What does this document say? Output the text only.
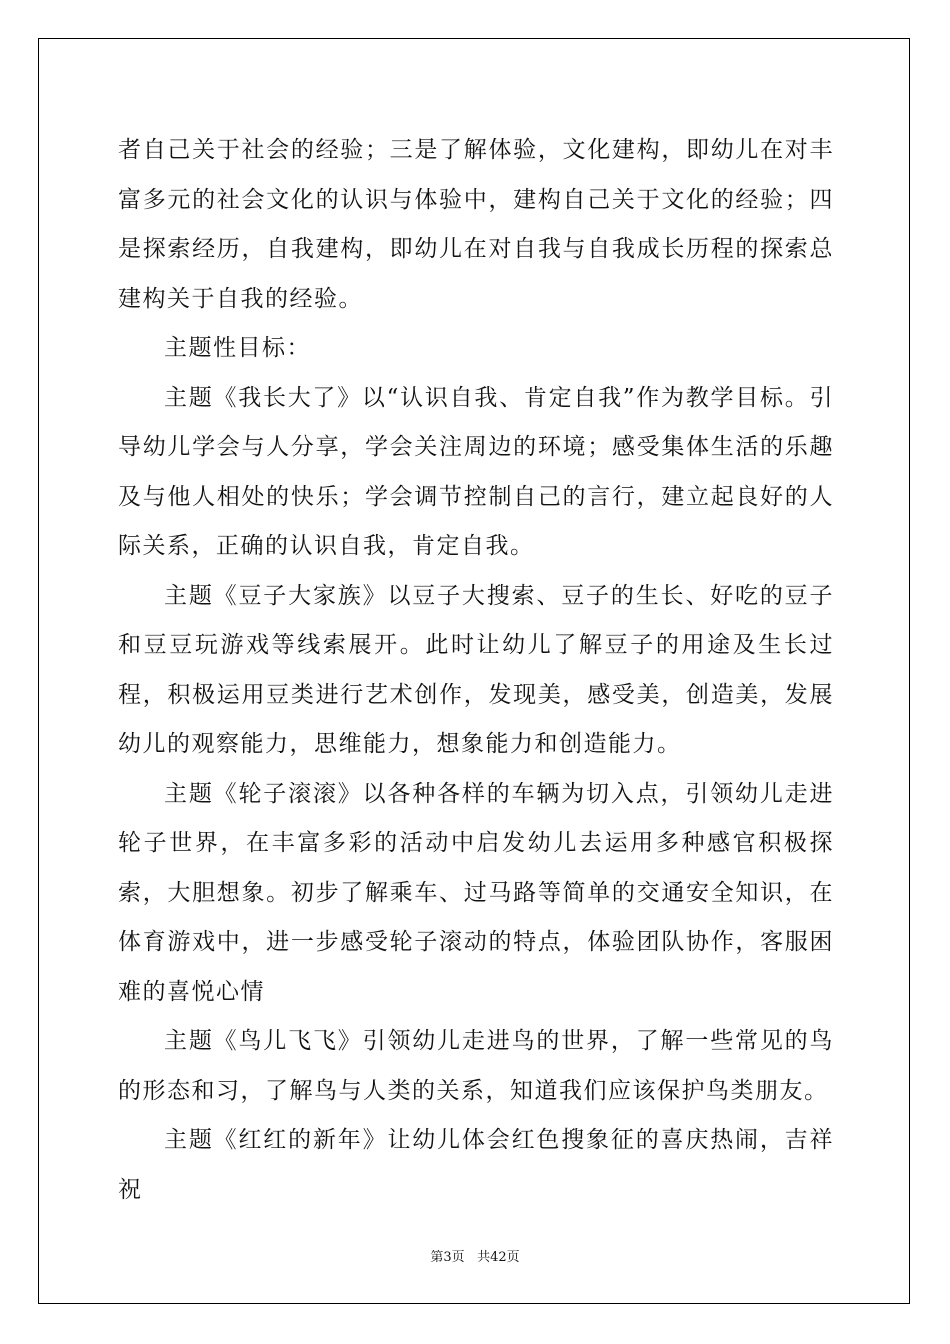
者自己关于社会的经验；三是了解体验，文化建构，即幼儿在对丰富多元的社会文化的认识与体验中，建构自己关于文化的经验；四是探索经历，自我建构，即幼儿在对自我与自我成长历程的探索总建构关于自我的经验。

主题性目标：

主题《我长大了》以“认识自我、肯定自我”作为教学目标。引导幼儿学会与人分享，学会关注周边的环境；感受集体生活的乐趣及与他人相处的快乐；学会调节控制自己的言行，建立起良好的人际关系，正确的认识自我，肯定自我。

主题《豆子大家族》以豆子大搜索、豆子的生长、好吃的豆子和豆豆玩游戏等线索展开。此时让幼儿了解豆子的用途及生长过程，积极运用豆类进行艺术创作，发现美，感受美，创造美，发展幼儿的观察能力，思维能力，想象能力和创造能力。

主题《轮子滚滚》以各种各样的车辆为切入点，引领幼儿走进轮子世界，在丰富多彩的活动中启发幼儿去运用多种感官积极探索，大胆想象。初步了解乘车、过马路等简单的交通安全知识，在体育游戏中，进一步感受轮子滚动的特点，体验团队协作，客服困难的喜悦心情

主题《鸟儿飞飞》引领幼儿走进鸟的世界，了解一些常见的鸟的形态和习，了解鸟与人类的关系，知道我们应该保护鸟类朋友。

主题《红红的新年》让幼儿体会红色搜象征的喜庆热闹，吉祥祝

第3页 共42页
